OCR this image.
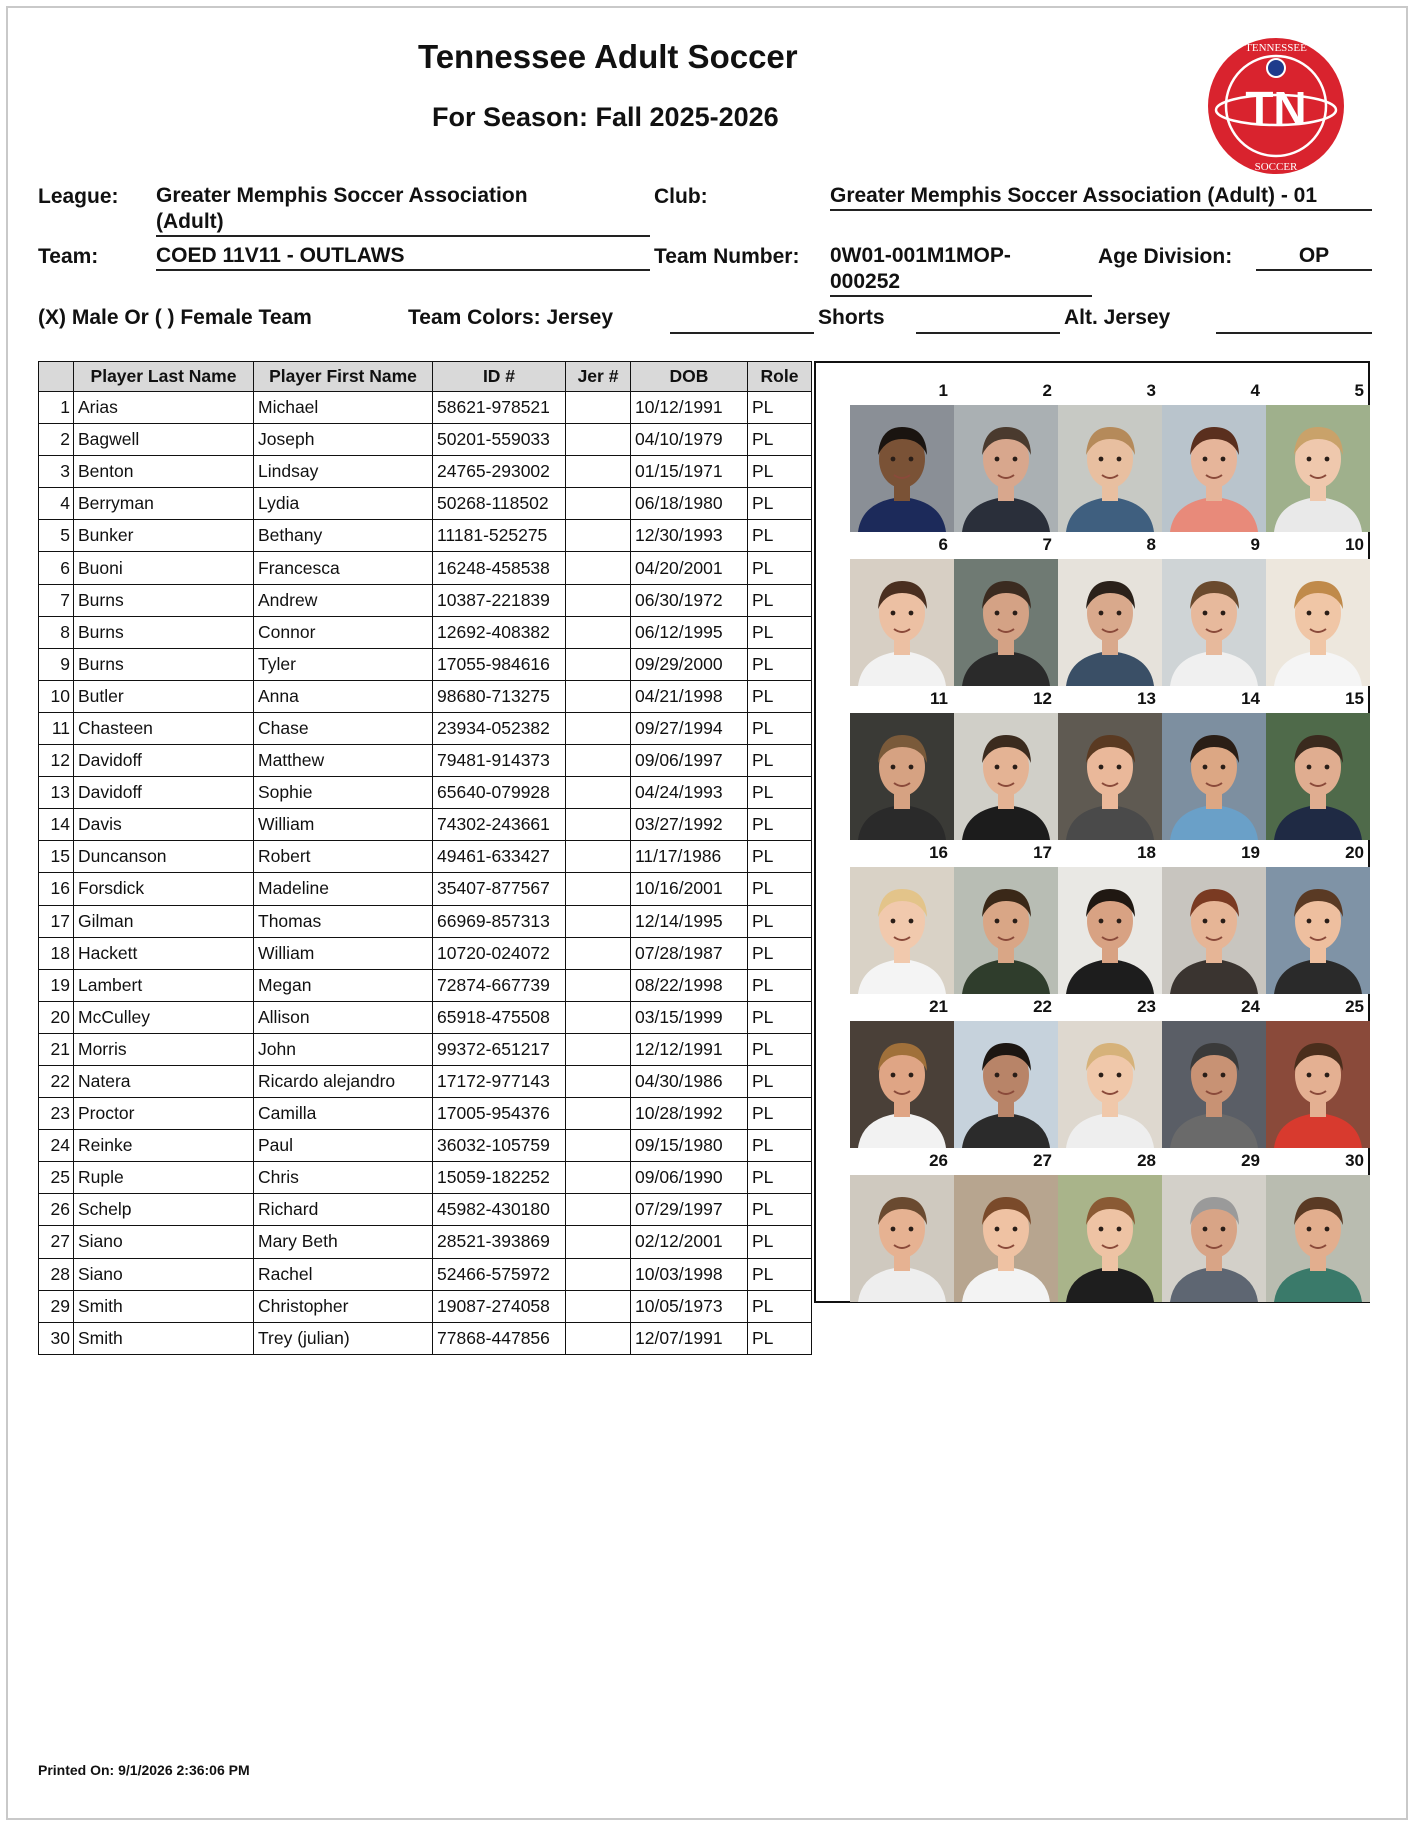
Tennessee Adult Soccer
For Season: Fall 2025-2026	TN
TENNESSEE
SOCCER
League: Greater Memphis Soccer Association
(Adult)
Club:	Greater Memphis Soccer Association (Adult) - 01
Team:	COED 11V11 - OUTLAWS	Team Number: 0W01-001M1MOP-
000252
Age Division:	OP
(X) Male Or ( ) Female Team	Team Colors: Jersey	Shorts	Alt. Jersey
	Player Last Name	Player First Name	ID #	Jer #	DOB	Role
1	Arias	Michael	58621-978521		10/12/1991	PL
2	Bagwell	Joseph	50201-559033		04/10/1979	PL
3	Benton	Lindsay	24765-293002		01/15/1971	PL
4	Berryman	Lydia	50268-118502		06/18/1980	PL
5	Bunker	Bethany	11181-525275		12/30/1993	PL
6	Buoni	Francesca	16248-458538		04/20/2001	PL
7	Burns	Andrew	10387-221839		06/30/1972	PL
8	Burns	Connor	12692-408382		06/12/1995	PL
9	Burns	Tyler	17055-984616		09/29/2000	PL
10	Butler	Anna	98680-713275		04/21/1998	PL
11	Chasteen	Chase	23934-052382		09/27/1994	PL
12	Davidoff	Matthew	79481-914373		09/06/1997	PL
13	Davidoff	Sophie	65640-079928		04/24/1993	PL
14	Davis	William	74302-243661		03/27/1992	PL
15	Duncanson	Robert	49461-633427		11/17/1986	PL
16	Forsdick	Madeline	35407-877567		10/16/2001	PL
17	Gilman	Thomas	66969-857313		12/14/1995	PL
18	Hackett	William	10720-024072		07/28/1987	PL
19	Lambert	Megan	72874-667739		08/22/1998	PL
20	McCulley	Allison	65918-475508		03/15/1999	PL
21	Morris	John	99372-651217		12/12/1991	PL
22	Natera	Ricardo alejandro	17172-977143		04/30/1986	PL
23	Proctor	Camilla	17005-954376		10/28/1992	PL
24	Reinke	Paul	36032-105759		09/15/1980	PL
25	Ruple	Chris	15059-182252		09/06/1990	PL
26	Schelp	Richard	45982-430180		07/29/1997	PL
27	Siano	Mary Beth	28521-393869		02/12/2001	PL
28	Siano	Rachel	52466-575972		10/03/1998	PL
29	Smith	Christopher	19087-274058		10/05/1973	PL
30	Smith	Trey (julian)	77868-447856		12/07/1991	PL
1	2	3	4	5
6	7	8	9	10
11	12	13	14	15
16	17	18	19	20
21	22	23	24	25
26	27	28	29	30
Printed On: 9/1/2026 2:36:06 PM
